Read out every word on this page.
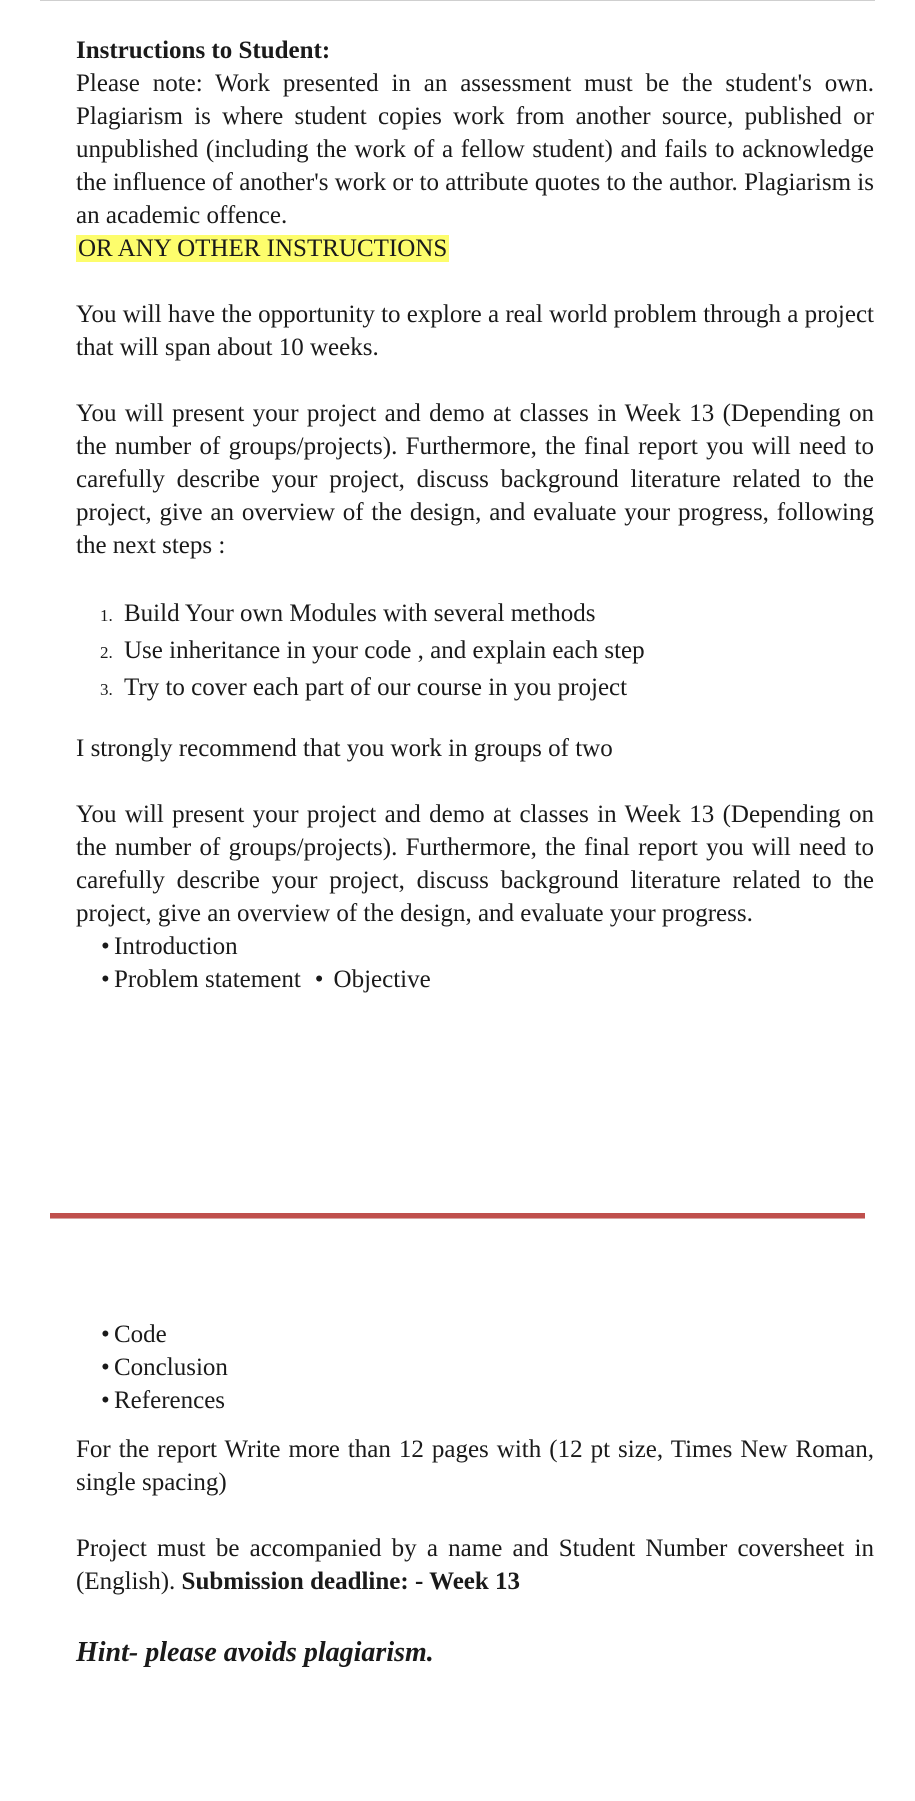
Instructions to Student:

Please note: Work presented in an assessment must be the student's own. Plagiarism is where student copies work from another source, published or unpublished (including the work of a fellow student) and fails to acknowledge the influence of another's work or to attribute quotes to the author. Plagiarism is an academic offence.

OR ANY OTHER INSTRUCTIONS

You will have the opportunity to explore a real world problem through a project that will span about 10 weeks.

You will present your project and demo at classes in Week 13 (Depending on the number of groups/projects). Furthermore, the final report you will need to carefully describe your project, discuss background literature related to the project, give an overview of the design, and evaluate your progress, following the next steps :

1. Build Your own Modules with several methods
2. Use inheritance in your code , and explain each step
3. Try to cover each part of our course in you project

I strongly recommend that you work in groups of two

You will present your project and demo at classes in Week 13 (Depending on the number of groups/projects). Furthermore, the final report you will need to carefully describe your project, discuss background literature related to the project, give an overview of the design, and evaluate your progress.

• Introduction
• Problem statement • Objective
• Code
• Conclusion
• References

For the report Write more than 12 pages with (12 pt size, Times New Roman, single spacing)

Project must be accompanied by a name and Student Number coversheet in (English). Submission deadline: - Week 13

Hint- please avoids plagiarism.
